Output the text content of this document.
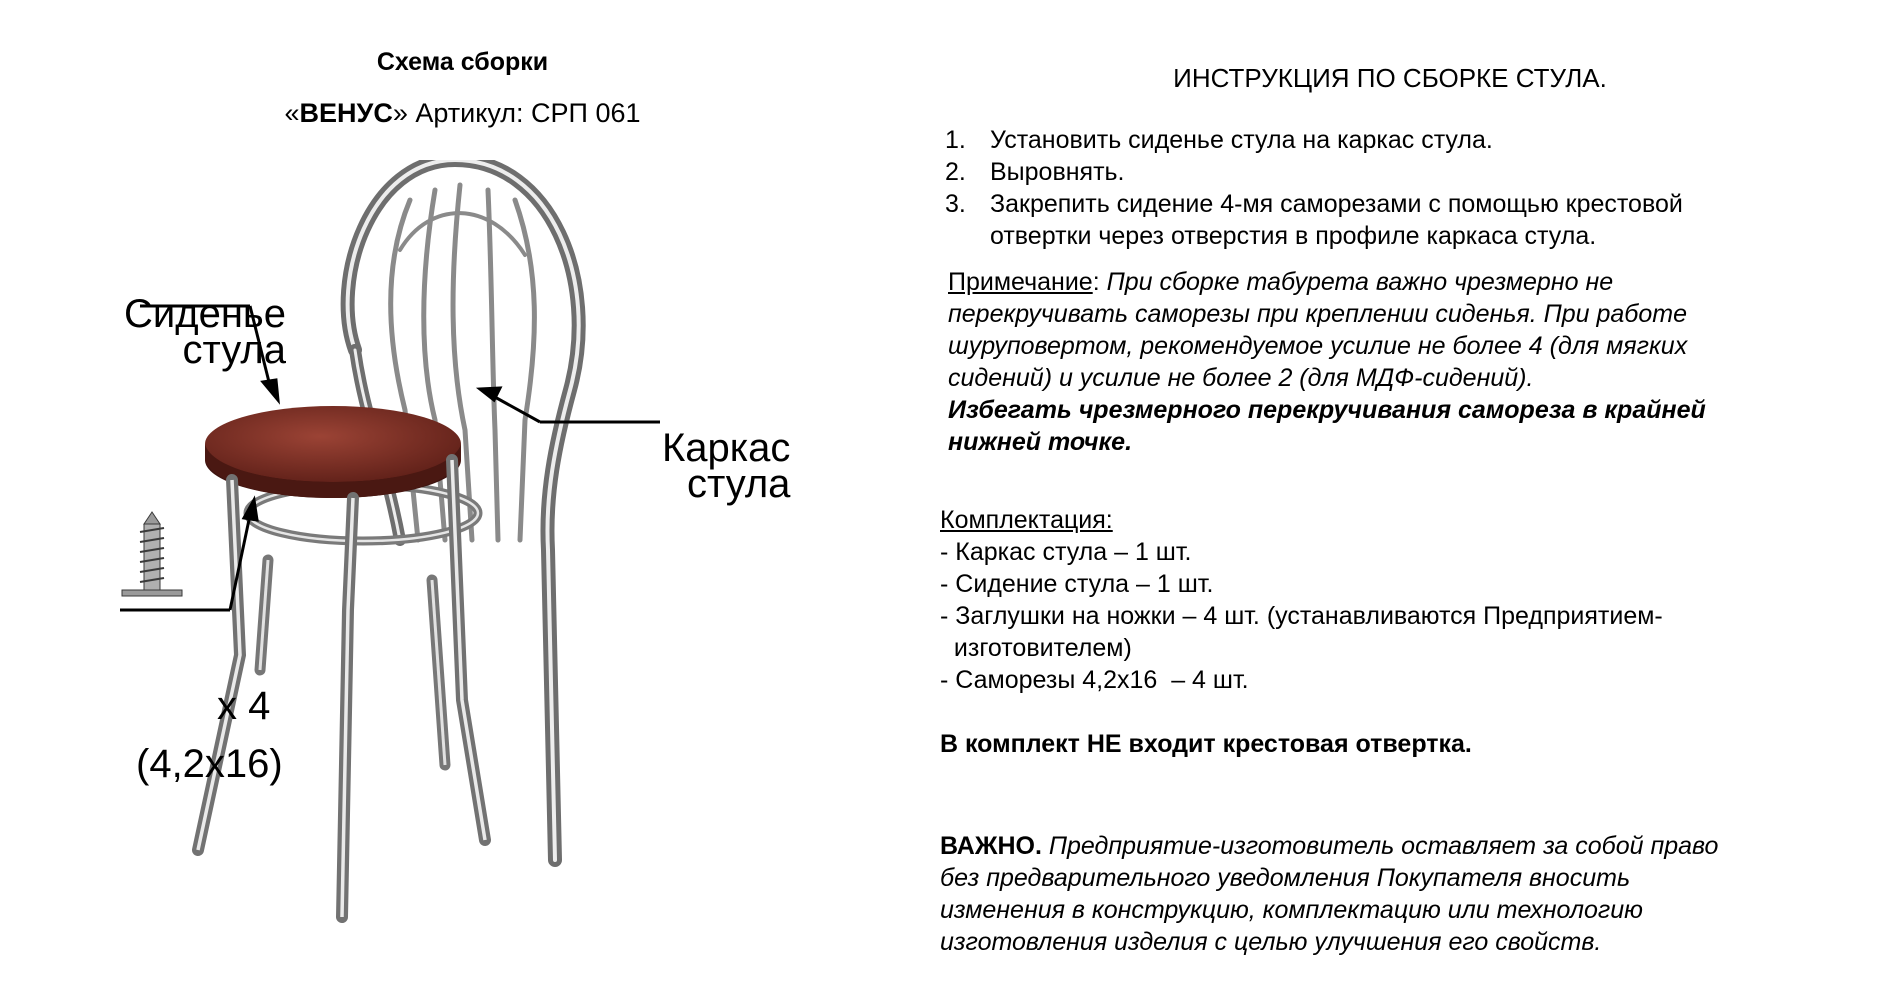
Схема сборки
«ВЕНУС» Артикул: СРП 061
Сиденье
стула
Каркас
стула
x 4
(4,2x16)
ИНСТРУКЦИЯ ПО СБОРКЕ СТУЛА.
1. Установить сиденье стула на каркас стула.
2. Выровнять.
3. Закрепить сидение 4-мя саморезами с помощью крестовой
отвертки через отверстия в профиле каркаса стула.
Примечание: При сборке табурета важно чрезмерно не
перекручивать саморезы при креплении сиденья. При работе
шуруповертом, рекомендуемое усилие не более 4 (для мягких
сидений) и усилие не более 2 (для МДФ-сидений).
Избегать чрезмерного перекручивания самореза в крайней
нижней точке.
Комплектация:
- Каркас стула – 1 шт.
- Сидение стула – 1 шт.
- Заглушки на ножки – 4 шт. (устанавливаются Предприятием-
изготовителем)
- Саморезы 4,2х16  – 4 шт.
В комплект НЕ входит крестовая отвертка.
ВАЖНО. Предприятие-изготовитель оставляет за собой право
без предварительного уведомления Покупателя вносить
изменения в конструкцию, комплектацию или технологию
изготовления изделия с целью улучшения его свойств.
